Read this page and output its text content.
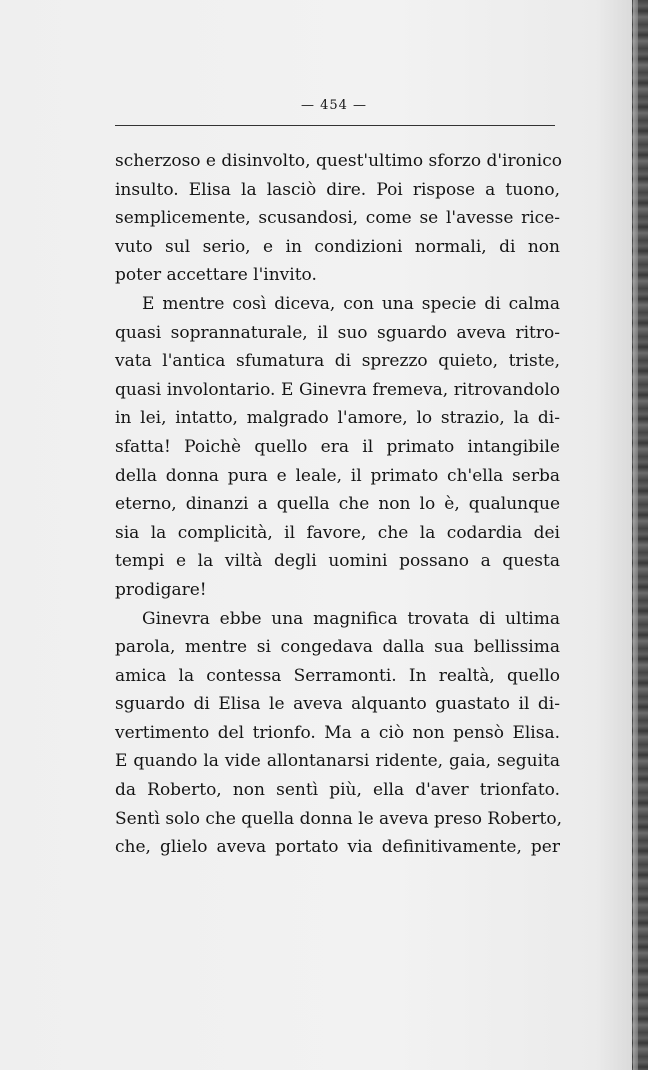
— 454 —
scherzoso e disinvolto, quest'ultimo sforzo d'ironico
insulto. Elisa la lasciò dire. Poi rispose a tuono,
semplicemente, scusandosi, come se l'avesse rice-
vuto sul serio, e in condizioni normali, di non
poter accettare l'invito.
E mentre così diceva, con una specie di calma
quasi soprannaturale, il suo sguardo aveva ritro-
vata l'antica sfumatura di sprezzo quieto, triste,
quasi involontario. E Ginevra fremeva, ritrovandolo
in lei, intatto, malgrado l'amore, lo strazio, la di-
sfatta! Poichè quello era il primato intangibile
della donna pura e leale, il primato ch'ella serba
eterno, dinanzi a quella che non lo è, qualunque
sia la complicità, il favore, che la codardia dei
tempi e la viltà degli uomini possano a questa
prodigare!
Ginevra ebbe una magnifica trovata di ultima
parola, mentre si congedava dalla sua bellissima
amica la contessa Serramonti. In realtà, quello
sguardo di Elisa le aveva alquanto guastato il di-
vertimento del trionfo. Ma a ciò non pensò Elisa.
E quando la vide allontanarsi ridente, gaia, seguita
da Roberto, non sentì più, ella d'aver trionfato.
Sentì solo che quella donna le aveva preso Roberto,
che, glielo aveva portato via definitivamente, per
